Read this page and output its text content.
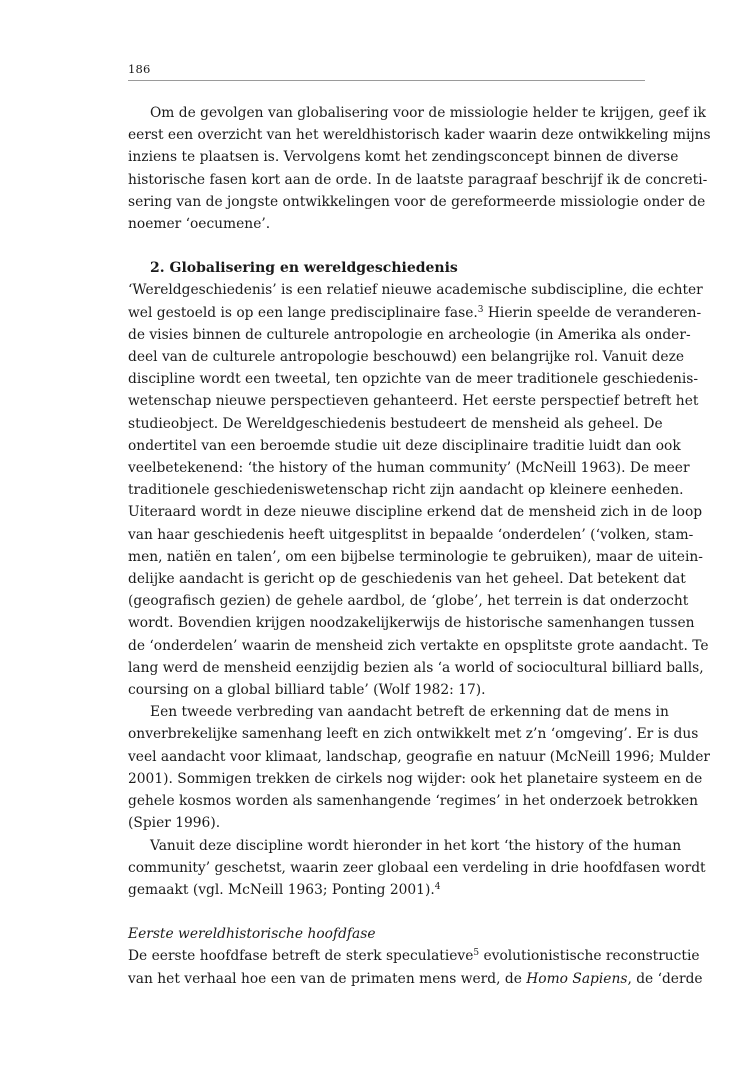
186
Om de gevolgen van globalisering voor de missiologie helder te krijgen, geef ik
eerst een overzicht van het wereldhistorisch kader waarin deze ontwikkeling mijns
inziens te plaatsen is. Vervolgens komt het zendingsconcept binnen de diverse
historische fasen kort aan de orde. In de laatste paragraaf beschrijf ik de concreti-
sering van de jongste ontwikkelingen voor de gereformeerde missiologie onder de
noemer ‘oecumene’.
2. Globalisering en wereldgeschiedenis
‘Wereldgeschiedenis’ is een relatief nieuwe academische subdiscipline, die echter
wel gestoeld is op een lange predisciplinaire fase.$^3$ Hierin speelde de veranderen-
de visies binnen de culturele antropologie en archeologie (in Amerika als onder-
deel van de culturele antropologie beschouwd) een belangrijke rol. Vanuit deze
discipline wordt een tweetal, ten opzichte van de meer traditionele geschiedenis-
wetenschap nieuwe perspectieven gehanteerd. Het eerste perspectief betreft het
studieobject. De Wereldgeschiedenis bestudeert de mensheid als geheel. De
ondertitel van een beroemde studie uit deze disciplinaire traditie luidt dan ook
veelbetekenend: ‘the history of the human community’ (McNeill 1963). De meer
traditionele geschiedeniswetenschap richt zijn aandacht op kleinere eenheden.
Uiteraard wordt in deze nieuwe discipline erkend dat de mensheid zich in de loop
van haar geschiedenis heeft uitgesplitst in bepaalde ‘onderdelen’ (‘volken, stam-
men, natiën en talen’, om een bijbelse terminologie te gebruiken), maar de uitein-
delijke aandacht is gericht op de geschiedenis van het geheel. Dat betekent dat
(geografisch gezien) de gehele aardbol, de ‘globe’, het terrein is dat onderzocht
wordt. Bovendien krijgen noodzakelijkerwijs de historische samenhangen tussen
de ‘onderdelen’ waarin de mensheid zich vertakte en opsplitste grote aandacht. Te
lang werd de mensheid eenzijdig bezien als ‘a world of sociocultural billiard balls,
coursing on a global billiard table’ (Wolf 1982: 17).
Een tweede verbreding van aandacht betreft de erkenning dat de mens in
onverbrekelijke samenhang leeft en zich ontwikkelt met z’n ‘omgeving’. Er is dus
veel aandacht voor klimaat, landschap, geografie en natuur (McNeill 1996; Mulder
2001). Sommigen trekken de cirkels nog wijder: ook het planetaire systeem en de
gehele kosmos worden als samenhangende ‘regimes’ in het onderzoek betrokken
(Spier 1996).
Vanuit deze discipline wordt hieronder in het kort ‘the history of the human
community’ geschetst, waarin zeer globaal een verdeling in drie hoofdfasen wordt
gemaakt (vgl. McNeill 1963; Ponting 2001).$^4$
Eerste wereldhistorische hoofdfase
De eerste hoofdfase betreft de sterk speculatieve$^5$ evolutionistische reconstructie
van het verhaal hoe een van de primaten mens werd, de Homo Sapiens, de ‘derde
